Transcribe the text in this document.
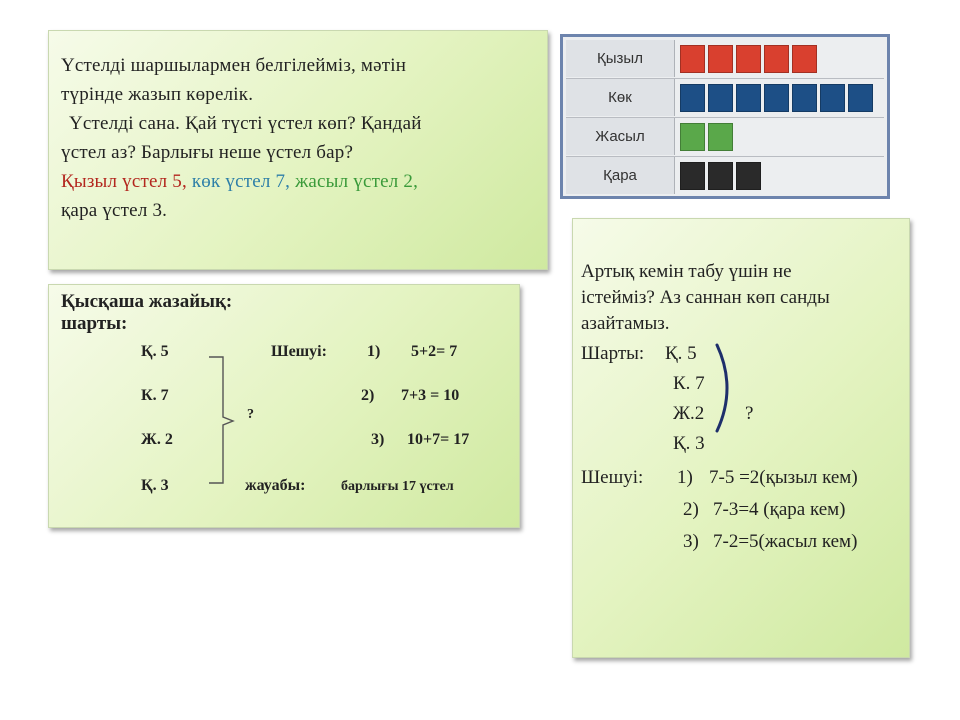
Үстелді шаршылармен белгілейміз, мәтін

түрінде жазып көрелік.

Үстелді сана. Қай түсті үстел көп? Қандай

үстел аз? Барлығы неше үстел бар?

Қызыл үстел 5, көк үстел 7, жасыл үстел 2,

қара үстел 3.

Қызыл
Көк
Жасыл
Қара
Қысқаша жазайық:
шарты:
Қ. 5
К. 7
Ж. 2
Қ. 3
?
Шешуі:	1) 5+2= 7
2) 7+3 = 10
3) 10+7= 17
жауабы:	барлығы 17 үстел
Артық кемін табу үшін не
істейміз? Аз саннан көп санды
азайтамыз.
Шарты: Қ. 5
К. 7
Ж.2
Қ. 3
?
Шешуі: 1) 7-5 =2(қызыл кем)
2) 7-3=4 (қара кем)
3) 7-2=5(жасыл кем)
